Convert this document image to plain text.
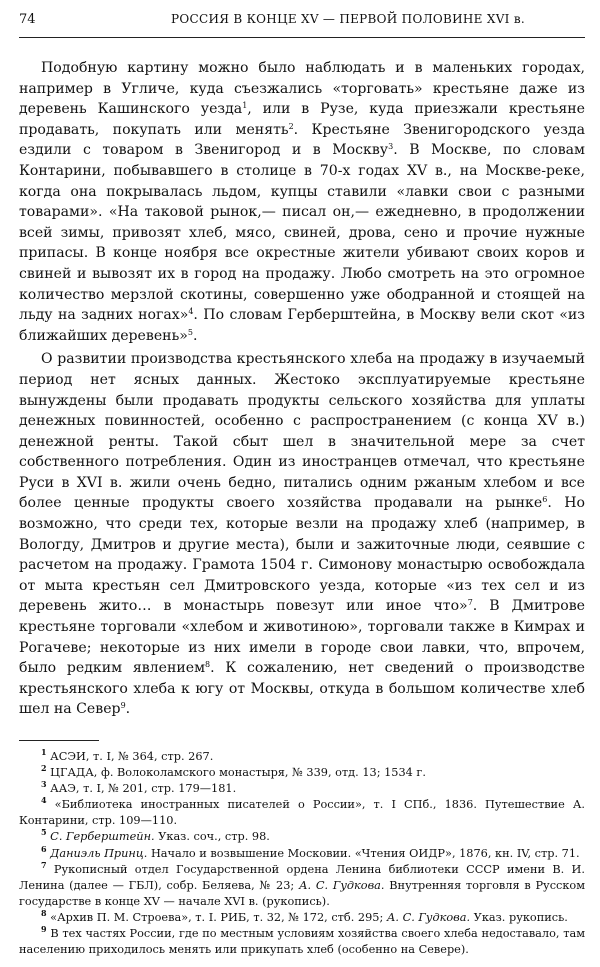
74	РОССИЯ В КОНЦЕ XV — ПЕРВОЙ ПОЛОВИНЕ XVI в.

Подобную картину можно было наблюдать и в маленьких городах, например в Угличе, куда съезжались «торговать» крестьяне даже из деревень Кашинского уезда$^1$, или в Рузе, куда приезжали крестьяне продавать, покупать или менять$^2$. Крестьяне Звенигородского уезда ездили с товаром в Звенигород и в Москву$^3$. В Москве, по словам Контарини, побывавшего в столице в 70-х годах XV в., на Москве-реке, когда она покрывалась льдом, купцы ставили «лавки свои с разными товарами». «На таковой рынок,— писал он,— ежедневно, в продолжении всей зимы, привозят хлеб, мясо, свиней, дрова, сено и прочие нужные припасы. В конце ноября все окрестные жители убивают своих коров и свиней и вывозят их в город на продажу. Любо смотреть на это огромное количество мерзлой скотины, совершенно уже ободранной и стоящей на льду на задних ногах»$^4$. По словам Герберштейна, в Москву вели скот «из ближайших деревень»$^5$.

О развитии производства крестьянского хлеба на продажу в изучаемый период нет ясных данных. Жестоко эксплуатируемые крестьяне вынуждены были продавать продукты сельского хозяйства для уплаты денежных повинностей, особенно с распространением (с конца XV в.) денежной ренты. Такой сбыт шел в значительной мере за счет собственного потребления. Один из иностранцев отмечал, что крестьяне Руси в XVI в. жили очень бедно, питались одним ржаным хлебом и все более ценные продукты своего хозяйства продавали на рынке$^6$. Но возможно, что среди тех, которые везли на продажу хлеб (например, в Вологду, Дмитров и другие места), были и зажиточные люди, сеявшие с расчетом на продажу. Грамота 1504 г. Симонову монастырю освобождала от мыта крестьян сел Дмитровского уезда, которые «из тех сел и из деревень жито… в монастырь повезут или иное что»$^7$. В Дмитрове крестьяне торговали «хлебом и животиною», торговали также в Кимрах и Рогачеве; некоторые из них имели в городе свои лавки, что, впрочем, было редким явлением$^8$. К сожалению, нет сведений о производстве крестьянского хлеба к югу от Москвы, откуда в большом количестве хлеб шел на Север$^9$.

$^1$ АСЭИ, т. I, № 364, стр. 267.

$^2$ ЦГАДА, ф. Волоколамского монастыря, № 339, отд. 13; 1534 г.

$^3$ ААЭ, т. I, № 201, стр. 179—181.

$^4$ «Библиотека иностранных писателей о России», т. I СПб., 1836. Путешествие А. Контарини, стр. 109—110.

$^5$ С. Герберштейн. Указ. соч., стр. 98.

$^6$ Даниэль Принц. Начало и возвышение Московии. «Чтения ОИДР», 1876, кн. IV, стр. 71.

$^7$ Рукописный отдел Государственной ордена Ленина библиотеки СССР имени В. И. Ленина (далее — ГБЛ), собр. Беляева, № 23; А. С. Гудкова. Внутренняя торговля в Русском государстве в конце XV — начале XVI в. (рукопись).

$^8$ «Архив П. М. Строева», т. I. РИБ, т. 32, № 172, стб. 295; А. С. Гудкова. Указ. рукопись.

$^9$ В тех частях России, где по местным условиям хозяйства своего хлеба недоставало, там населению приходилось менять или прикупать хлеб (особенно на Севере).
